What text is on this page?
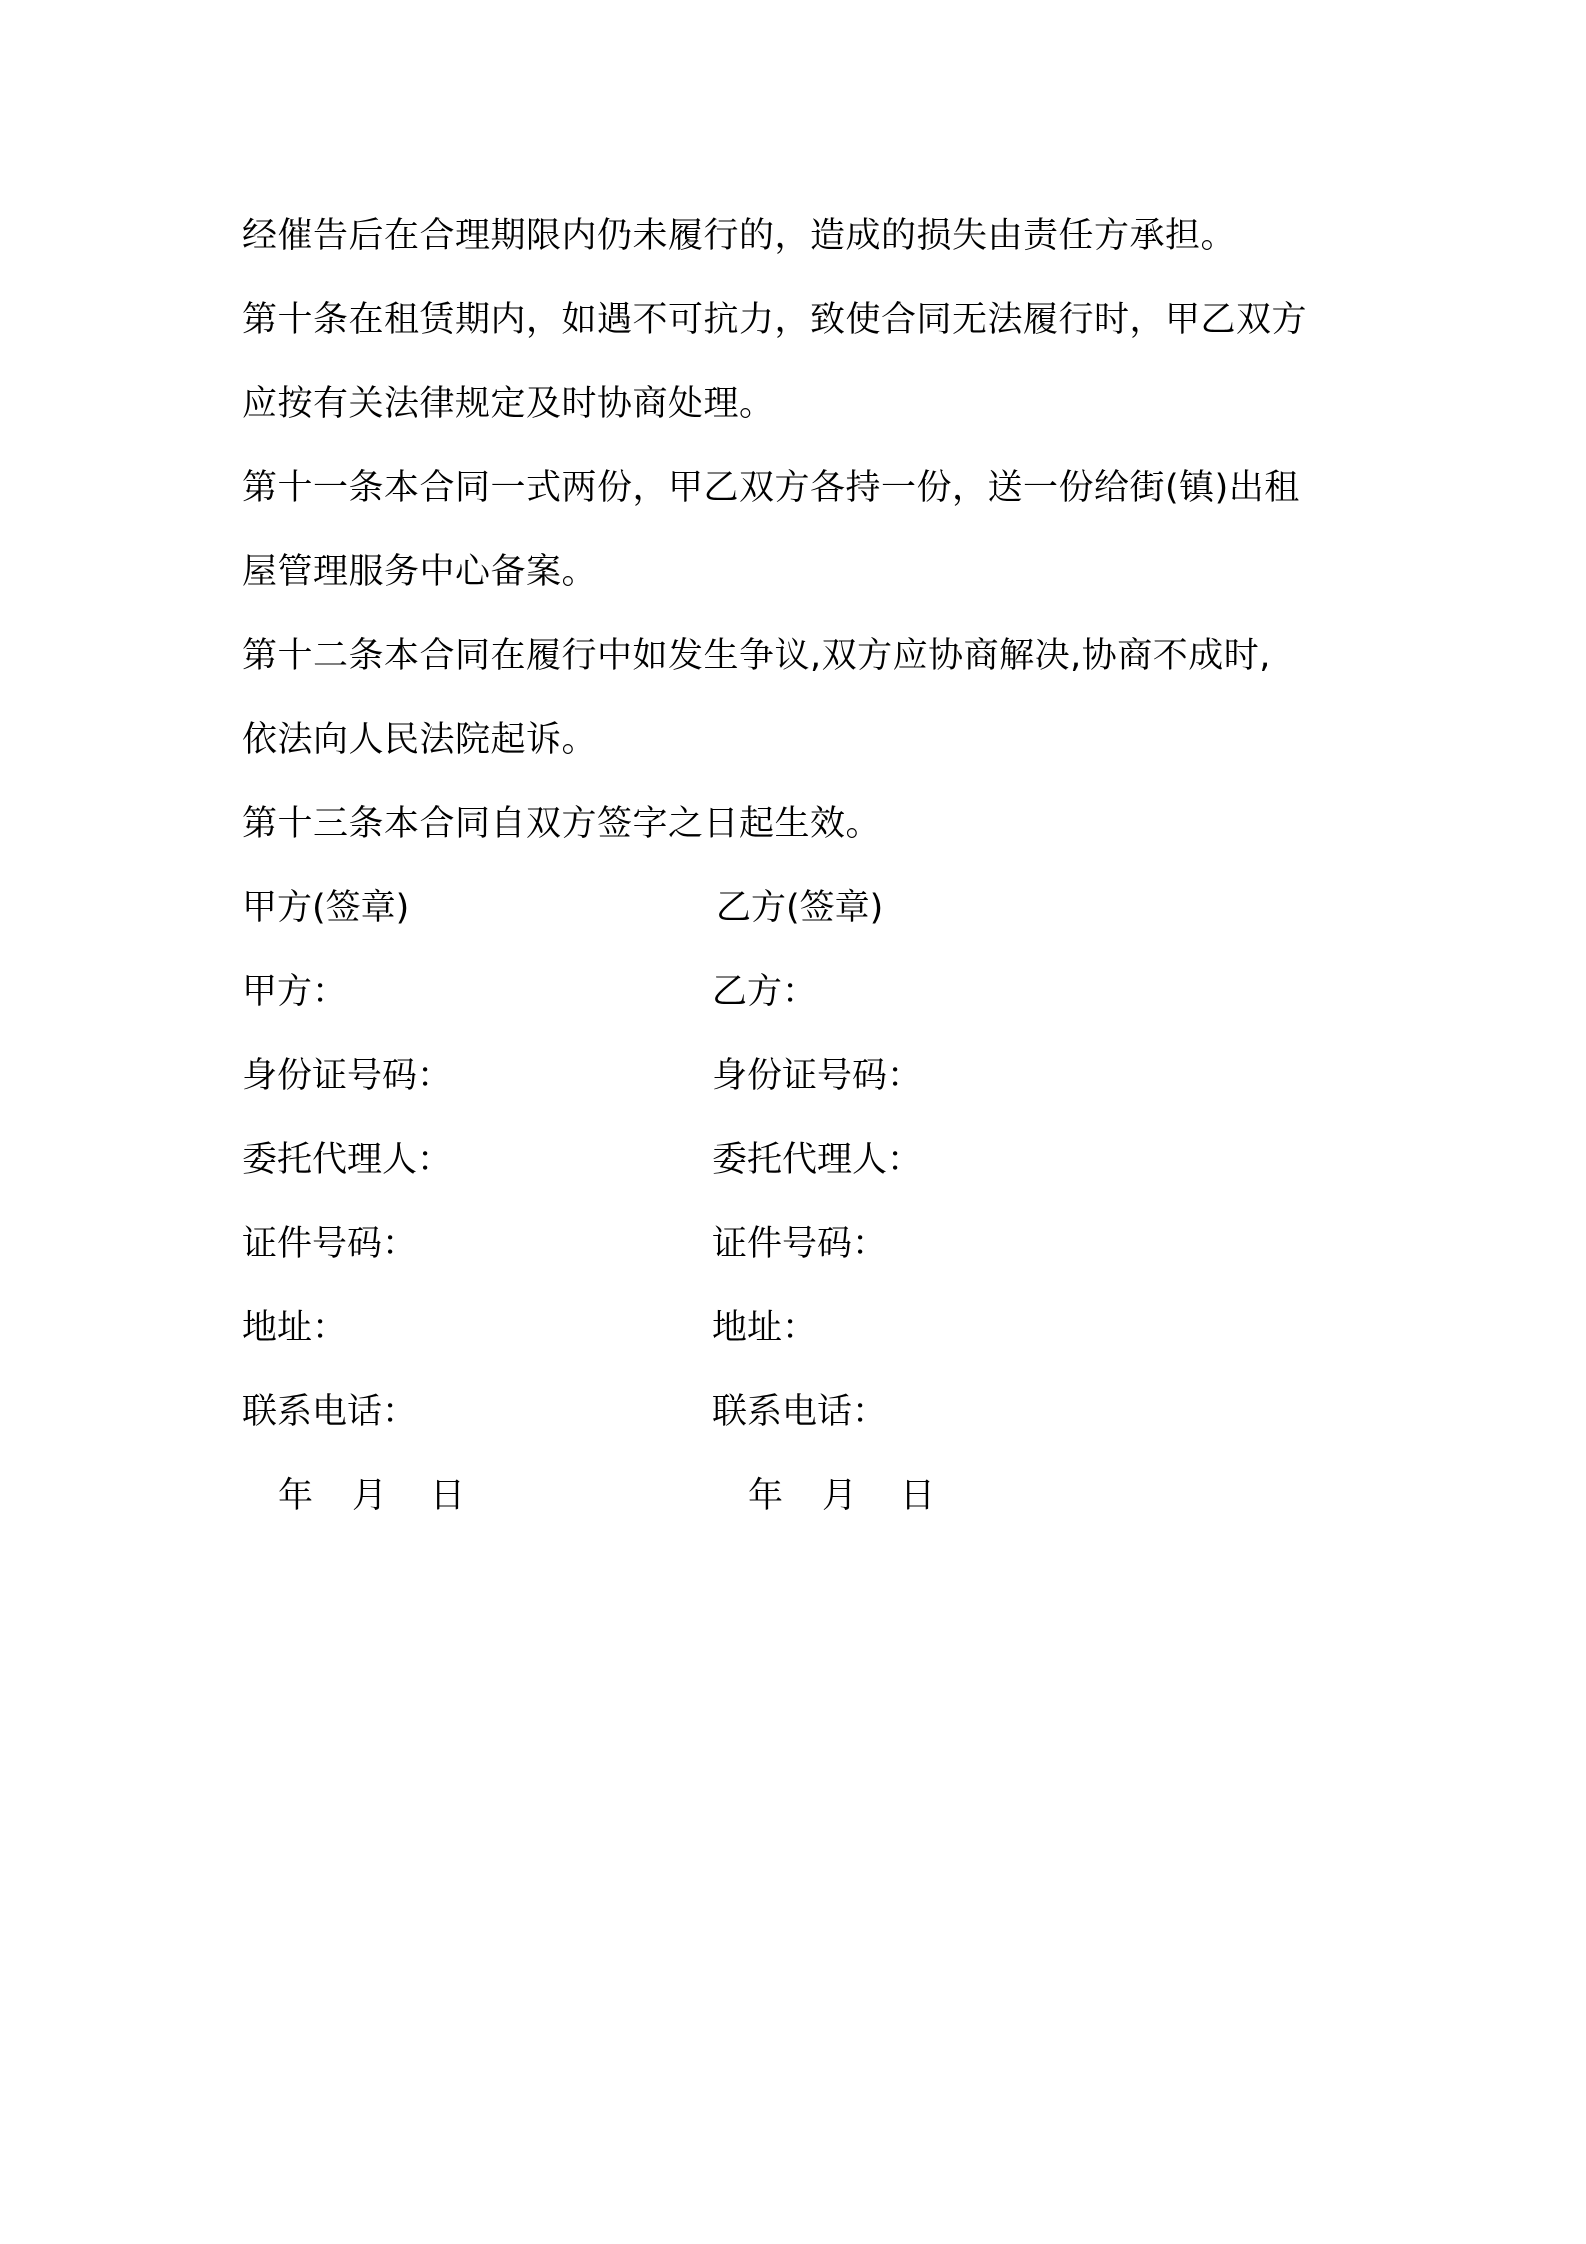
经催告后在合理期限内仍未履行的，造成的损失由责任方承担。
第十条在租赁期内，如遇不可抗力，致使合同无法履行时，甲乙双方
应按有关法律规定及时协商处理。
第十一条本合同一式两份，甲乙双方各持一份，送一份给街(镇)出租
屋管理服务中心备案。
第十二条本合同在履行中如发生争议,双方应协商解决,协商不成时,
依法向人民法院起诉。
第十三条本合同自双方签字之日起生效。
甲方(签章)	乙方(签章)
甲方：	乙方：
身份证号码：	身份证号码：
委托代理人：	委托代理人：
证件号码：	证件号码：
地址：	地址：
联系电话：	联系电话：
年 月 日	年 月 日
